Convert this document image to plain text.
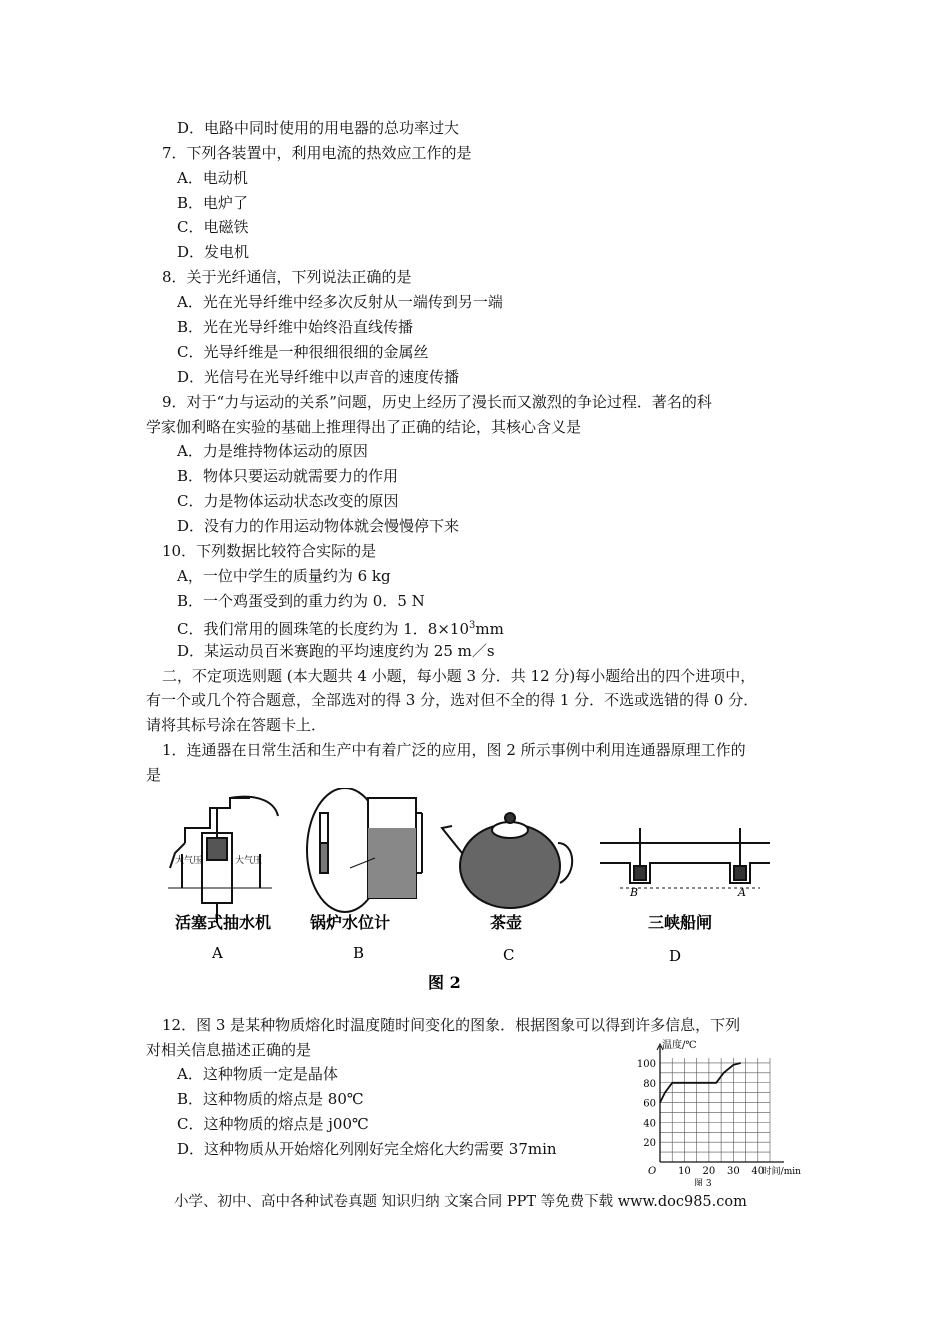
D．电路中同时使用的用电器的总功率过大
7．下列各装置中，利用电流的热效应工作的是
A．电动机
B．电炉了
C．电磁铁
D．发电机
8．关于光纤通信，下列说法正确的是
A．光在光导纤维中经多次反射从一端传到另一端
B．光在光导纤维中始终沿直线传播
C．光导纤维是一种很细很细的金属丝
D．光信号在光导纤维中以声音的速度传播
9．对于“力与运动的关系”问题，历史上经历了漫长而又激烈的争论过程．著名的科
学家伽利略在实验的基础上推理得出了正确的结论，其核心含义是
A．力是维持物体运动的原因
B．物体只要运动就需要力的作用
C．力是物体运动状态改变的原因
D．没有力的作用运动物体就会慢慢停下来
10．下列数据比较符合实际的是
A，一位中学生的质量约为 6 kg
B．一个鸡蛋受到的重力约为 0．5 N
C．我们常用的圆珠笔的长度约为 1．$8\times 10^3mm$
D．某运动员百米赛跑的平均速度约为 25 m／s
二，不定项选则题 (本大题共 4 小题，每小题 3 分．共 12 分)每小题给出的四个进项中，
有一个或几个符合题意，全部选对的得 3 分，选对但不全的得 1 分．不选或选错的得 0 分．
请将其标号涂在答题卡上．
1．连通器在日常生活和生产中有着广泛的应用，图 2 所示事例中利用连通器原理工作的
是
大气压	大气压
B	A
活塞式抽水机 锅炉水位计	茶壶	三峡船闸
A	B	C	D
图 2
12．图 3 是某种物质熔化时温度随时间变化的图象．根据图象可以得到许多信息，下列
对相关信息描述正确的是
A．这种物质一定是晶体
B．这种物质的熔点是 80℃
C．这种物质的熔点是 j00℃
D．这种物质从开始熔化列刚好完全熔化大约需要 37min	20
40
60
80
100
10 20 30 40
O
温度/℃
时间/min
图 3
小学、初中、高中各种试卷真题 知识归纳 文案合同 PPT 等免费下载 www.doc985.com
